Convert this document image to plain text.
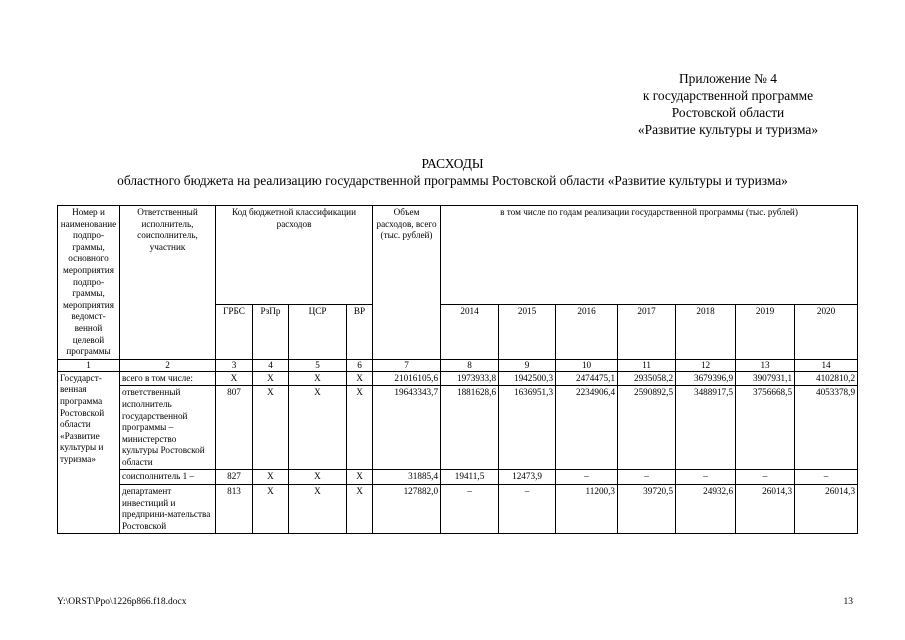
Приложение № 4
к государственной программе
Ростовской области
«Развитие культуры и туризма»
РАСХОДЫ
областного бюджета на реализацию государственной программы Ростовской области «Развитие культуры и туризма»
Номер и наименование подпро-граммы, основного мероприятия подпро-граммы, мероприятия ведомст-венной целевой программы	Ответственный исполнитель, соисполнитель, участник	Код бюджетной классификации расходов				Объем расходов, всего (тыс. рублей)	в том числе по годам реализации государственной программы (тыс. рублей)						
		ГРБС	РзПр	ЦСР	ВР		2014	2015	2016	2017	2018	2019	2020
1	2	3	4	5	6	7	8	9	10	11	12	13	14
Государст-венная программа Ростовской области «Развитие культуры и туризма»	всего в том числе:	X	X	X	X	21016105,6	1973933,8	1942500,3	2474475,1	2935058,2	3679396,9	3907931,1	4102810,2
	ответственный исполнитель государственной программы – министерство культуры Ростовской области	807	X	X	X	19643343,7	1881628,6	1636951,3	2234906,4	2590892,5	3488917,5	3756668,5	4053378,9
	соисполнитель 1 –	827	X	X	X	31885,4	19411,5	12473,9	–	–	–	–	–
	департамент инвестиций и предприни-мательства Ростовской	813	X	X	X	127882,0	–	–	11200,3	39720,5	24932,6	26014,3	26014,3
Y:\ORST\Ppo\1226p866.f18.docx	13
